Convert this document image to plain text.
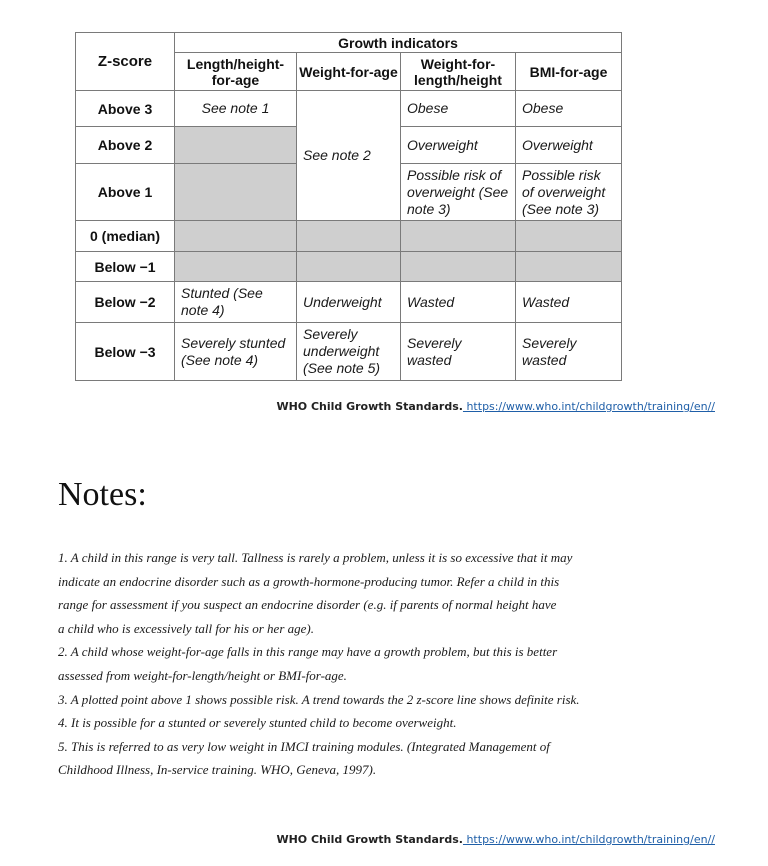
Z-score	Growth indicators			
	Length/height-for-age	Weight-for-age	Weight-for-length/height	BMI-for-age
Above 3	See note 1	See note 2	Obese	Obese
Above 2			Overweight	Overweight
Above 1			Possible risk of overweight (See note 3)	Possible risk of overweight (See note 3)
0 (median)				
Below −1				
Below −2	Stunted (See note 4)	Underweight	Wasted	Wasted
Below −3	Severely stunted (See note 4)	Severely underweight (See note 5)	Severely wasted	Severely wasted
WHO Child Growth Standards. https://www.who.int/childgrowth/training/en//
Notes:
1. A child in this range is very tall. Tallness is rarely a problem, unless it is so excessive that it may
indicate an endocrine disorder such as a growth-hormone-producing tumor. Refer a child in this
range for assessment if you suspect an endocrine disorder (e.g. if parents of normal height have
a child who is excessively tall for his or her age).
2. A child whose weight-for-age falls in this range may have a growth problem, but this is better
assessed from weight-for-length/height or BMI-for-age.
3. A plotted point above 1 shows possible risk. A trend towards the 2 z-score line shows definite risk.
4. It is possible for a stunted or severely stunted child to become overweight.
5. This is referred to as very low weight in IMCI training modules. (Integrated Management of
Childhood Illness, In-service training. WHO, Geneva, 1997).
WHO Child Growth Standards. https://www.who.int/childgrowth/training/en//
